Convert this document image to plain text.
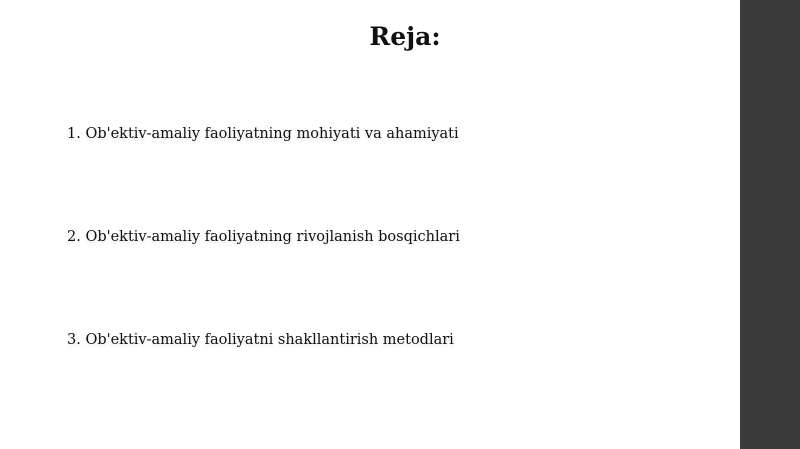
Reja:
1. Ob'ektiv-amaliy faoliyatning mohiyati va ahamiyati
2. Ob'ektiv-amaliy faoliyatning rivojlanish bosqichlari
3. Ob'ektiv-amaliy faoliyatni shakllantirish metodlari
